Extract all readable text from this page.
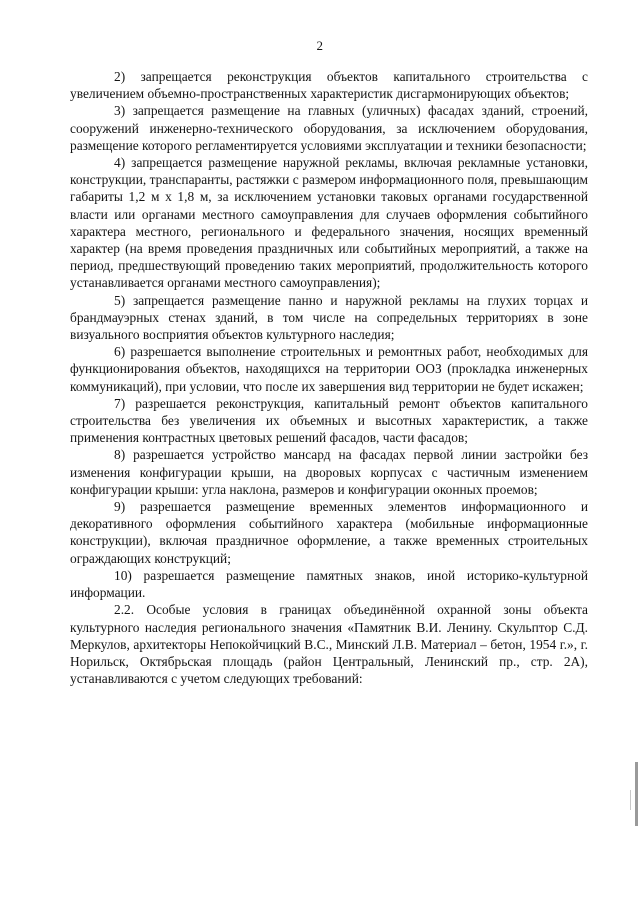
2

2) запрещается реконструкция объектов капитального строительства с увеличением объемно-пространственных характеристик дисгармонирующих объектов;

3) запрещается размещение на главных (уличных) фасадах зданий, строений, сооружений инженерно-технического оборудования, за исключением оборудования, размещение которого регламентируется условиями эксплуатации и техники безопасности;

4) запрещается размещение наружной рекламы, включая рекламные установки, конструкции, транспаранты, растяжки с размером информационного поля, превышающим габариты 1,2 м х 1,8 м, за исключением установки таковых органами государственной власти или органами местного самоуправления для случаев оформления событийного характера местного, регионального и федерального значения, носящих временный характер (на время проведения праздничных или событийных мероприятий, а также на период, предшествующий проведению таких мероприятий, продолжительность которого устанавливается органами местного самоуправления);

5) запрещается размещение панно и наружной рекламы на глухих торцах и брандмауэрных стенах зданий, в том числе на сопредельных территориях в зоне визуального восприятия объектов культурного наследия;

6) разрешается выполнение строительных и ремонтных работ, необходимых для функционирования объектов, находящихся на территории ООЗ (прокладка инженерных коммуникаций), при условии, что после их завершения вид территории не будет искажен;

7) разрешается реконструкция, капитальный ремонт объектов капитального строительства без увеличения их объемных и высотных характеристик, а также применения контрастных цветовых решений фасадов, части фасадов;

8) разрешается устройство мансард на фасадах первой линии застройки без изменения конфигурации крыши, на дворовых корпусах с частичным изменением конфигурации крыши: угла наклона, размеров и конфигурации оконных проемов;

9) разрешается размещение временных элементов информационного и декоративного оформления событийного характера (мобильные информационные конструкции), включая праздничное оформление, а также временных строительных ограждающих конструкций;

10) разрешается размещение памятных знаков, иной историко-культурной информации.

2.2. Особые условия в границах объединённой охранной зоны объекта культурного наследия регионального значения «Памятник В.И. Ленину. Скульптор С.Д. Меркулов, архитекторы Непокойчицкий В.С., Минский Л.В. Материал – бетон, 1954 г.», г. Норильск, Октябрьская площадь (район Центральный, Ленинский пр., стр. 2А), устанавливаются с учетом следующих требований:
